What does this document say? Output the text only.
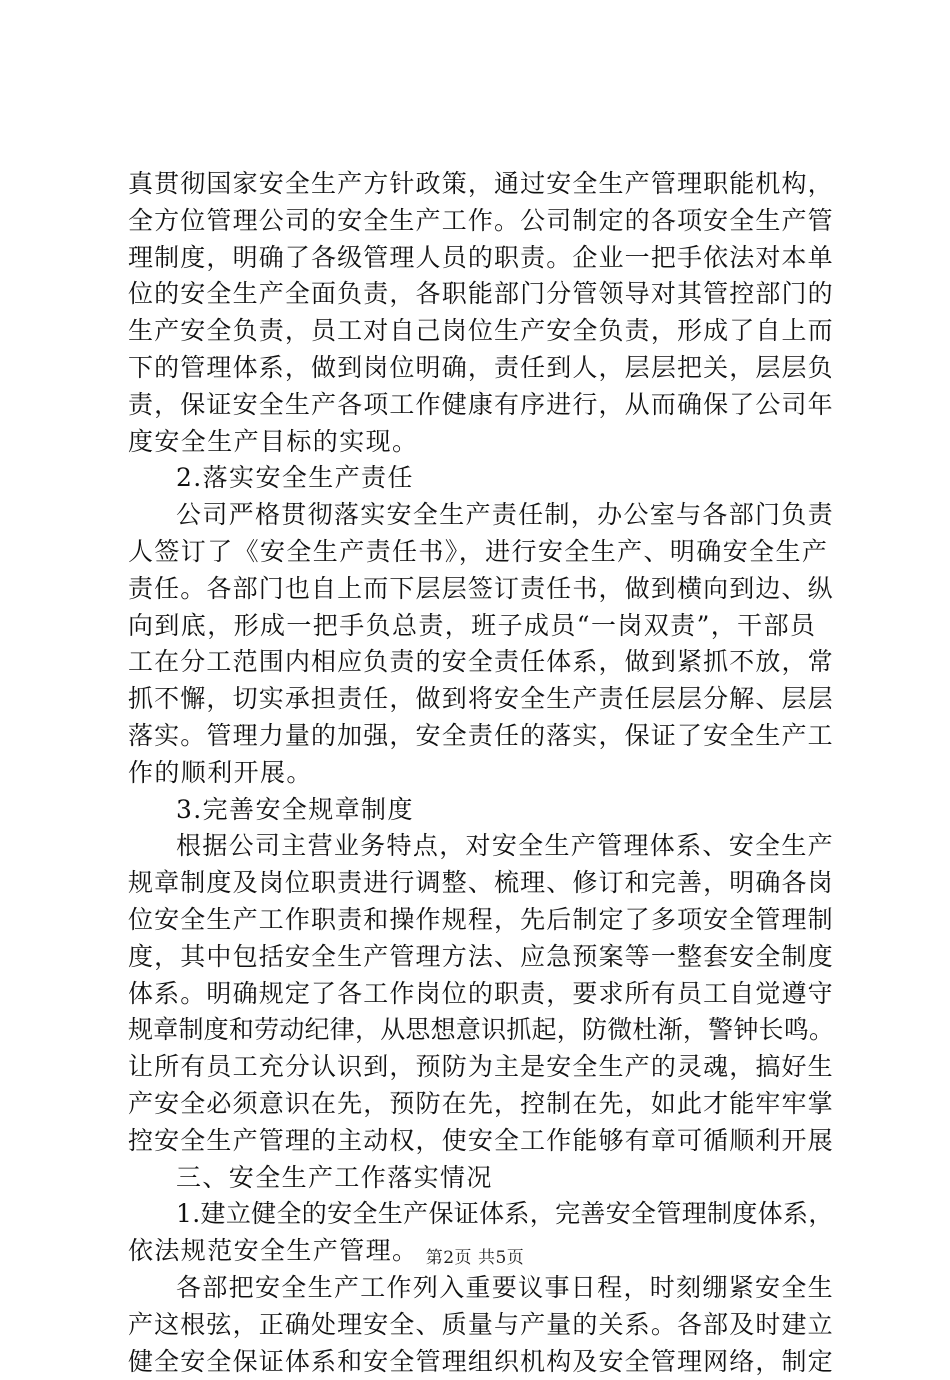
真贯彻国家安全生产方针政策，通过安全生产管理职能机构，
全方位管理公司的安全生产工作。公司制定的各项安全生产管
理制度，明确了各级管理人员的职责。企业一把手依法对本单
位的安全生产全面负责，各职能部门分管领导对其管控部门的
生产安全负责，员工对自己岗位生产安全负责，形成了自上而
下的管理体系，做到岗位明确，责任到人，层层把关，层层负
责，保证安全生产各项工作健康有序进行，从而确保了公司年
度安全生产目标的实现。
2.落实安全生产责任
公司严格贯彻落实安全生产责任制，办公室与各部门负责
人签订了《安全生产责任书》，进行安全生产、明确安全生产
责任。各部门也自上而下层层签订责任书，做到横向到边、纵
向到底，形成一把手负总责，班子成员“一岗双责”，干部员
工在分工范围内相应负责的安全责任体系，做到紧抓不放，常
抓不懈，切实承担责任，做到将安全生产责任层层分解、层层
落实。管理力量的加强，安全责任的落实，保证了安全生产工
作的顺利开展。
3.完善安全规章制度
根据公司主营业务特点，对安全生产管理体系、安全生产
规章制度及岗位职责进行调整、梳理、修订和完善，明确各岗
位安全生产工作职责和操作规程，先后制定了多项安全管理制
度，其中包括安全生产管理方法、应急预案等一整套安全制度
体系。明确规定了各工作岗位的职责，要求所有员工自觉遵守
规章制度和劳动纪律，从思想意识抓起，防微杜渐，警钟长鸣。
让所有员工充分认识到，预防为主是安全生产的灵魂，搞好生
产安全必须意识在先，预防在先，控制在先，如此才能牢牢掌
控安全生产管理的主动权，使安全工作能够有章可循顺利开展
三、安全生产工作落实情况
1.建立健全的安全生产保证体系，完善安全管理制度体系，
依法规范安全生产管理。
各部把安全生产工作列入重要议事日程，时刻绷紧安全生
产这根弦，正确处理安全、质量与产量的关系。各部及时建立
健全安全保证体系和安全管理组织机构及安全管理网络，制定
第2页 共5页
